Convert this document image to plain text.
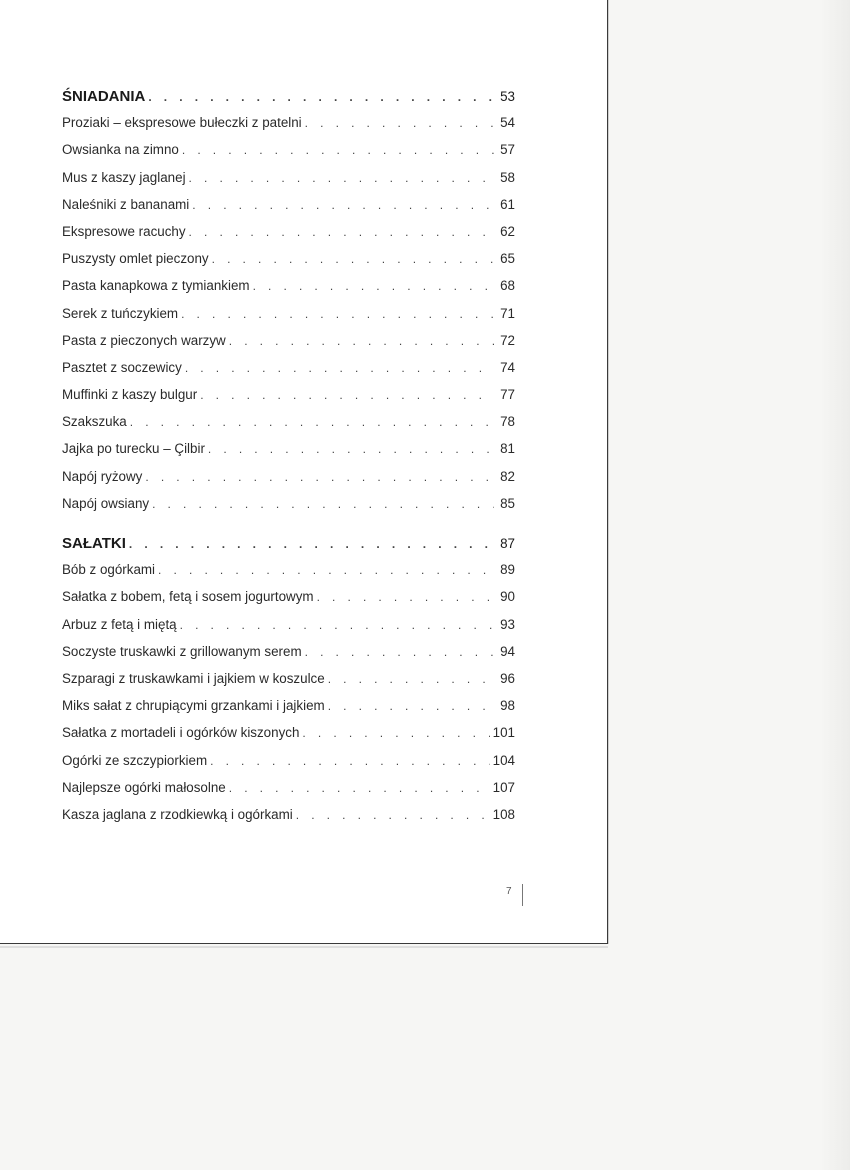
ŚNIADANIA . . .	53
Proziaki – ekspresowe bułeczki z patelni . . .	54
Owsianka na zimno . . .	57
Mus z kaszy jaglanej . . .	58
Naleśniki z bananami . . .	61
Ekspresowe racuchy . . .	62
Puszysty omlet pieczony . . .	65
Pasta kanapkowa z tymiankiem . . .	68
Serek z tuńczykiem . . .	71
Pasta z pieczonych warzyw . . .	72
Pasztet z soczewicy . . .	74
Muffinki z kaszy bulgur . . .	77
Szakszuka . . .	78
Jajka po turecku – Çilbir . . .	81
Napój ryżowy . . .	82
Napój owsiany . . .	85
SAŁATKI . . .	87
Bób z ogórkami . . .	89
Sałatka z bobem, fetą i sosem jogurtowym . . .	90
Arbuz z fetą i miętą . . .	93
Soczyste truskawki z grillowanym serem . . .	94
Szparagi z truskawkami i jajkiem w koszulce . . .	96
Miks sałat z chrupiącymi grzankami i jajkiem . . .	98
Sałatka z mortadeli i ogórków kiszonych . . .	101
Ogórki ze szczypiorkiem . . .	104
Najlepsze ogórki małosolne . . .	107
Kasza jaglana z rzodkiewką i ogórkami . . .	108
7
